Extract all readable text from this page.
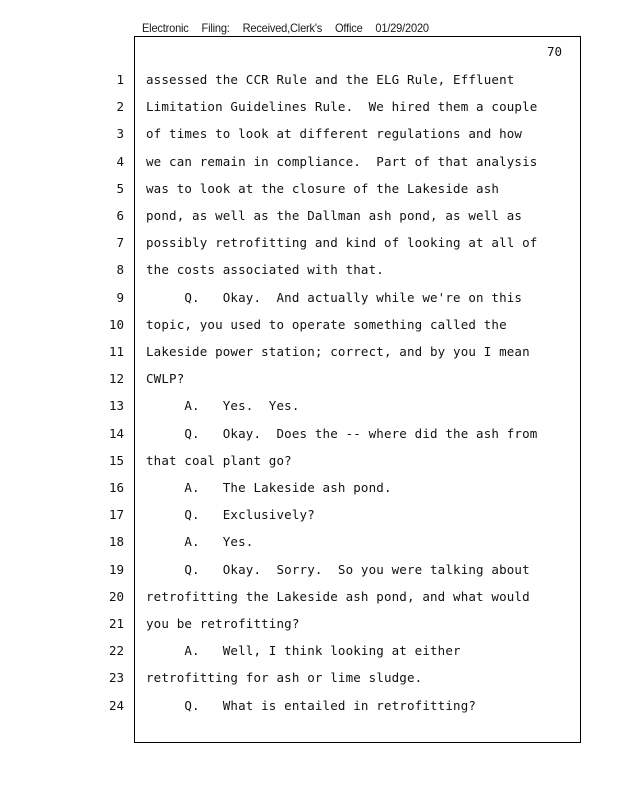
Electronic Filing: Received,Clerk's Office 01/29/2020
70
1 assessed the CCR Rule and the ELG Rule, Effluent
2 Limitation Guidelines Rule.  We hired them a couple
3 of times to look at different regulations and how
4 we can remain in compliance.  Part of that analysis
5 was to look at the closure of the Lakeside ash
6 pond, as well as the Dallman ash pond, as well as
7 possibly retrofitting and kind of looking at all of
8 the costs associated with that.
9 Q.   Okay.  And actually while we're on this
10 topic, you used to operate something called the
11 Lakeside power station; correct, and by you I mean
12 CWLP?
13 A.   Yes.  Yes.
14 Q.   Okay.  Does the -- where did the ash from
15 that coal plant go?
16 A.   The Lakeside ash pond.
17 Q.   Exclusively?
18 A.   Yes.
19 Q.   Okay.  Sorry.  So you were talking about
20 retrofitting the Lakeside ash pond, and what would
21 you be retrofitting?
22 A.   Well, I think looking at either
23 retrofitting for ash or lime sludge.
24 Q.   What is entailed in retrofitting?
